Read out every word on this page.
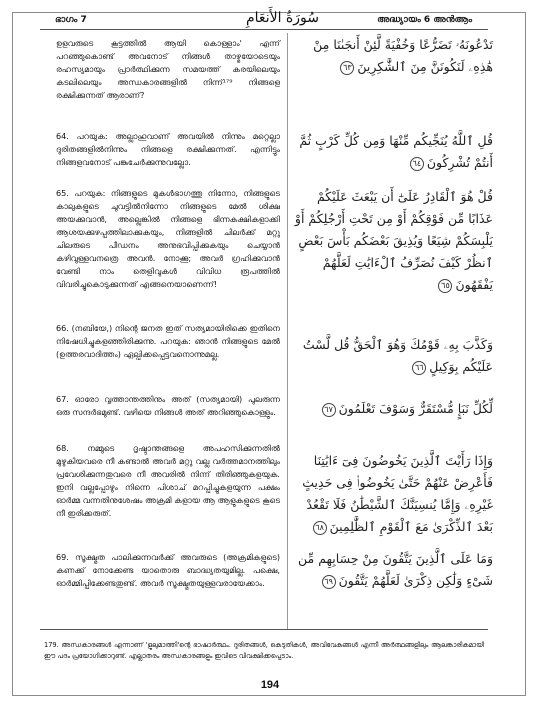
ഭാഗം 7	سُورَةُ الأَنعَامِ	അദ്ധ്യായം 6 അൻആം

ഉളവരുടെ കൂട്ടത്തിൽ ആയി കൊള്ളാം' എന്ന് പറഞ്ഞുകൊണ്ട് അവനോട് നിങ്ങൾ താഴ്മയോടെയും രഹസ്യമായും പ്രാർത്ഥിക്കുന്ന സമയത്ത് കരയിലെയും കടലിലെയും അന്ധകാരങ്ങളിൽ നിന്ന്¹⁷⁹ നിങ്ങളെ രക്ഷിക്കുന്നത് ആരാണ്?

64. പറയുക: അല്ലാഹുവാണ് അവയിൽ നിന്നും മറ്റെല്ലാ ദുരിതങ്ങളിൽനിന്നും നിങ്ങളെ രക്ഷിക്കുന്നത്. എന്നിട്ടും നിങ്ങളവനോട് പങ്കുചേർക്കുന്നുവല്ലോ.

65. പറയുക: നിങ്ങളുടെ മുകൾഭാഗത്തു നിന്നോ, നിങ്ങളുടെ കാലുകളുടെ ചുവട്ടിൽനിന്നോ നിങ്ങളുടെ മേൽ ശിക്ഷ അയക്കുവാൻ, അല്ലെങ്കിൽ നിങ്ങളെ ഭിന്നകക്ഷികളാക്കി ആശയക്കുഴപ്പത്തിലാക്കുകയും, നിങ്ങളിൽ ചിലർക്ക് മറ്റു ചിലരുടെ പീഡനം അനുഭവിപ്പിക്കുകയും ചെയ്യാൻ കഴിവുള്ളവനത്രെ അവൻ. നോക്കൂ; അവർ ഗ്രഹിക്കുവാൻ വേണ്ടി നാം തെളിവുകൾ വിവിധ രൂപത്തിൽ വിവരിച്ചുകൊടുക്കുന്നത് എങ്ങനെയാണെന്ന്!

66. (നബിയേ,) നിന്റെ ജനത ഇത് സത്യമായിരിക്കെ ഇതിനെ നിഷേധിച്ചുകളഞ്ഞിരിക്കുന്നു. പറയുക: ഞാൻ നിങ്ങളുടെ മേൽ (ഉത്തരവാദിത്തം) ഏല്പിക്കപ്പെട്ടവനൊന്നുമല്ല.

67. ഓരോ വൃത്താന്തത്തിനും അത് (സത്യമായി) പുലരുന്ന ഒരു സന്ദർഭമുണ്ട്. വഴിയെ നിങ്ങൾ അത് അറിഞ്ഞുകൊള്ളും.

68. നമ്മുടെ ദൃഷ്ടാന്തങ്ങളെ അപഹസിക്കുന്നതിൽ മുഴുകിയവരെ നീ കണ്ടാൽ അവർ മറ്റു വല്ല വർത്തമാനത്തിലും പ്രവേശിക്കുന്നതുവരെ നീ അവരിൽ നിന്ന് തിരിഞ്ഞുകളയുക. ഇനി വല്ലപ്പോഴും നിന്നെ പിശാച് മറപ്പിച്ചുകളയുന്ന പക്ഷം ഓർമ്മ വന്നതിനുശേഷം അക്രമി കളായ ആ ആളുകളുടെ കൂടെ നീ ഇരിക്കരുത്.

69. സൂക്ഷ്മത പാലിക്കുന്നവർക്ക് അവരുടെ (അക്രമികളുടെ) കണക്ക് നോക്കേണ്ട യാതൊരു ബാദ്ധ്യതയുമില്ല. പക്ഷെ, ഓർമ്മിപ്പിക്കേണ്ടതുണ്ട്. അവർ സൂക്ഷ്മതയുള്ളവരായേക്കാം.

تَدْعُونَهُۥ تَضَرُّعًا وَخُفْيَةً لَّئِنْ أَنجَىٰنَا مِنْ هَٰذِهِۦ لَنَكُونَنَّ مِنَ ٱلشَّٰكِرِينَ٦٣
قُلِ ٱللَّهُ يُنَجِّيكُم مِّنْهَا وَمِن كُلِّ كَرْبٍ ثُمَّ أَنتُمْ تُشْرِكُونَ٦٤
قُلْ هُوَ ٱلْقَادِرُ عَلَىٰٓ أَن يَبْعَثَ عَلَيْكُمْ عَذَابًا مِّن فَوْقِكُمْ أَوْ مِن تَحْتِ أَرْجُلِكُمْ أَوْ يَلْبِسَكُمْ شِيَعًا وَيُذِيقَ بَعْضَكُم بَأْسَ بَعْضٍ ٱنظُرْ كَيْفَ نُصَرِّفُ ٱلْءَايَٰتِ لَعَلَّهُمْ يَفْقَهُونَ٦٥
وَكَذَّبَ بِهِۦ قَوْمُكَ وَهُوَ ٱلْحَقُّ قُل لَّسْتُ عَلَيْكُم بِوَكِيلٍ٦٦
لِّكُلِّ نَبَإٍ مُّسْتَقَرٌّ وَسَوْفَ تَعْلَمُونَ٦٧
وَإِذَا رَأَيْتَ ٱلَّذِينَ يَخُوضُونَ فِىٓ ءَايَٰتِنَا فَأَعْرِضْ عَنْهُمْ حَتَّىٰ يَخُوضُوا۟ فِى حَدِيثٍ غَيْرِهِۦ وَإِمَّا يُنسِيَنَّكَ ٱلشَّيْطَٰنُ فَلَا تَقْعُدْ بَعْدَ ٱلذِّكْرَىٰ مَعَ ٱلْقَوْمِ ٱلظَّٰلِمِينَ٦٨
وَمَا عَلَى ٱلَّذِينَ يَتَّقُونَ مِنْ حِسَابِهِم مِّن شَىْءٍ وَلَٰكِن ذِكْرَىٰ لَعَلَّهُمْ يَتَّقُونَ٦٩
179. അന്ധകാരങ്ങൾ എന്നാണ് 'ളുലുമാത്തി'ന്റെ ഭാഷാർത്ഥം. ദുരിതങ്ങൾ, കെടുതികൾ, അവിവേകങ്ങൾ എന്നീ അർത്ഥങ്ങളിലും ആലങ്കാരികമായി ഈ പദം പ്രയോഗിക്കാറുണ്ട്. എല്ലാതരം അന്ധകാരങ്ങളും ഇവിടെ വിവക്ഷിക്കപ്പെടാം.
194
